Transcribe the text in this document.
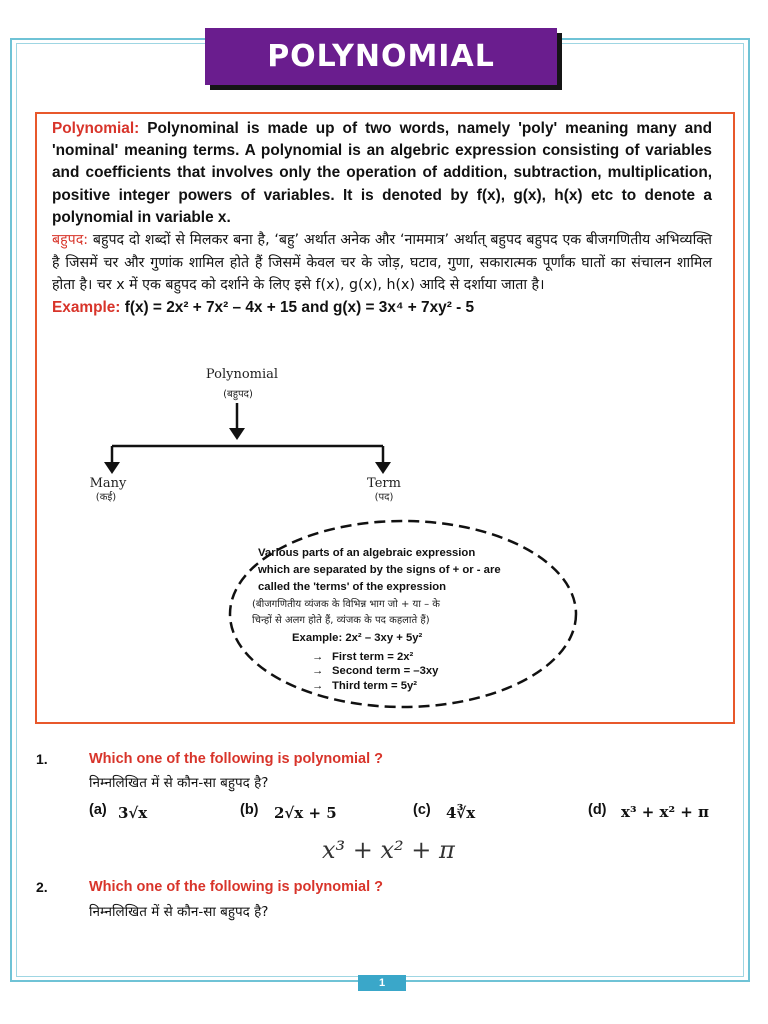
POLYNOMIAL

Polynomial: Polynominal is made up of two words, namely 'poly' meaning many and 'nominal' meaning terms. A polynomial is an algebric expression consisting of variables and coefficients that involves only the operation of addition, subtraction, multiplication, positive integer powers of variables. It is denoted by f(x), g(x), h(x) etc to denote a polynomial in variable x.

बहुपद: बहुपद दो शब्दों से मिलकर बना है, ‘बहु’ अर्थात अनेक और ‘नाममात्र’ अर्थात् बहुपद बहुपद एक बीजगणितीय अभिव्यक्ति है जिसमें चर और गुणांक शामिल होते हैं जिसमें केवल चर के जोड़, घटाव, गुणा, सकारात्मक पूर्णांक घातों का संचालन शामिल होता है। चर x में एक बहुपद को दर्शाने के लिए इसे f(x), g(x), h(x) आदि से दर्शाया जाता है।

Example: f(x) = 2x² + 7x² – 4x + 15 and g(x) = 3x⁴ + 7xy² - 5

Polynomial
(बहुपद)
Many
(कई)
Term
(पद)
Various parts of an algebraic expression
which are separated by the signs of + or - are
called the 'terms' of the expression
(बीजगणितीय व्यंजक के विभिन्न भाग जो + या – के
चिन्हों से अलग होते हैं, व्यंजक के पद कहलाते हैं)
Example: 2x² – 3xy + 5y²
→ First term = 2x²
→ Second term = –3xy
→ Third term = 5y²
1.	Which one of the following is polynomial ?
निम्नलिखित में से कौन-सा बहुपद है?
(a) 3√x	(b) 2√x + 5	(c) 4∛x	(d) x³ + x² + π
x³ + x² + π
2.	Which one of the following is polynomial ?
निम्नलिखित में से कौन-सा बहुपद है?
1
